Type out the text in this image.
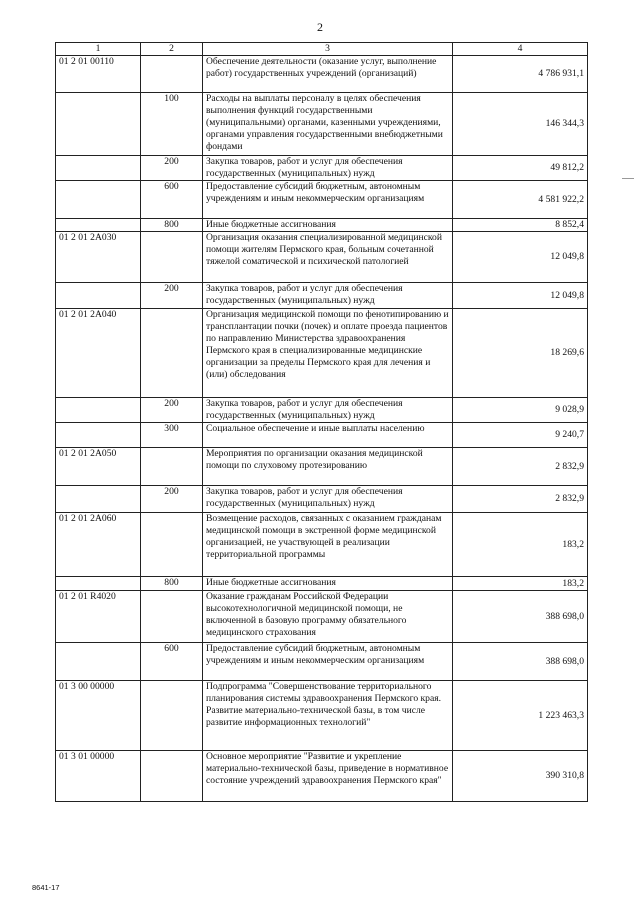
2
1	2	3	4
01 2 01 00110		Обеспечение деятельности (оказание услуг, выполнение работ) государственных учреждений (организаций)	4 786 931,1
	100	Расходы на выплаты персоналу в целях обеспечения выполнения функций государственными (муниципальными) органами, казенными учреждениями, органами управления государственными внебюджетными фондами	146 344,3
	200	Закупка товаров, работ и услуг для обеспечения государственных (муниципальных) нужд	49 812,2
	600	Предоставление субсидий бюджетным, автономным учреждениям и иным некоммерческим организациям	4 581 922,2
	800	Иные бюджетные ассигнования	8 852,4
01 2 01 2А030		Организация оказания специализированной медицинской помощи жителям Пермского края, больным сочетанной тяжелой соматической и психической патологией	12 049,8
	200	Закупка товаров, работ и услуг для обеспечения государственных (муниципальных) нужд	12 049,8
01 2 01 2А040		Организация медицинской помощи по фенотипированию и трансплантации почки (почек) и оплате проезда пациентов по направлению Министерства здравоохранения Пермского края в специализированные медицинские организации за пределы Пермского края для лечения и (или) обследования	18 269,6
	200	Закупка товаров, работ и услуг для обеспечения государственных (муниципальных) нужд	9 028,9
	300	Социальное обеспечение и иные выплаты населению	9 240,7
01 2 01 2А050		Мероприятия по организации оказания медицинской помощи по слуховому протезированию	2 832,9
	200	Закупка товаров, работ и услуг для обеспечения государственных (муниципальных) нужд	2 832,9
01 2 01 2А060		Возмещение расходов, связанных с оказанием гражданам медицинской помощи в экстренной форме медицинской организацией, не участвующей в реализации территориальной программы	183,2
	800	Иные бюджетные ассигнования	183,2
01 2 01 R4020		Оказание гражданам Российской Федерации высокотехнологичной медицинской помощи, не включенной в базовую программу обязательного медицинского страхования	388 698,0
	600	Предоставление субсидий бюджетным, автономным учреждениям и иным некоммерческим организациям	388 698,0
01 3 00 00000		Подпрограмма "Совершенствование территориального планирования системы здравоохранения Пермского края. Развитие материально-технической базы, в том числе развитие информационных технологий"	1 223 463,3
01 3 01 00000		Основное мероприятие "Развитие и укрепление материально-технической базы, приведение в нормативное состояние учреждений здравоохранения Пермского края"	390 310,8
8641-17
